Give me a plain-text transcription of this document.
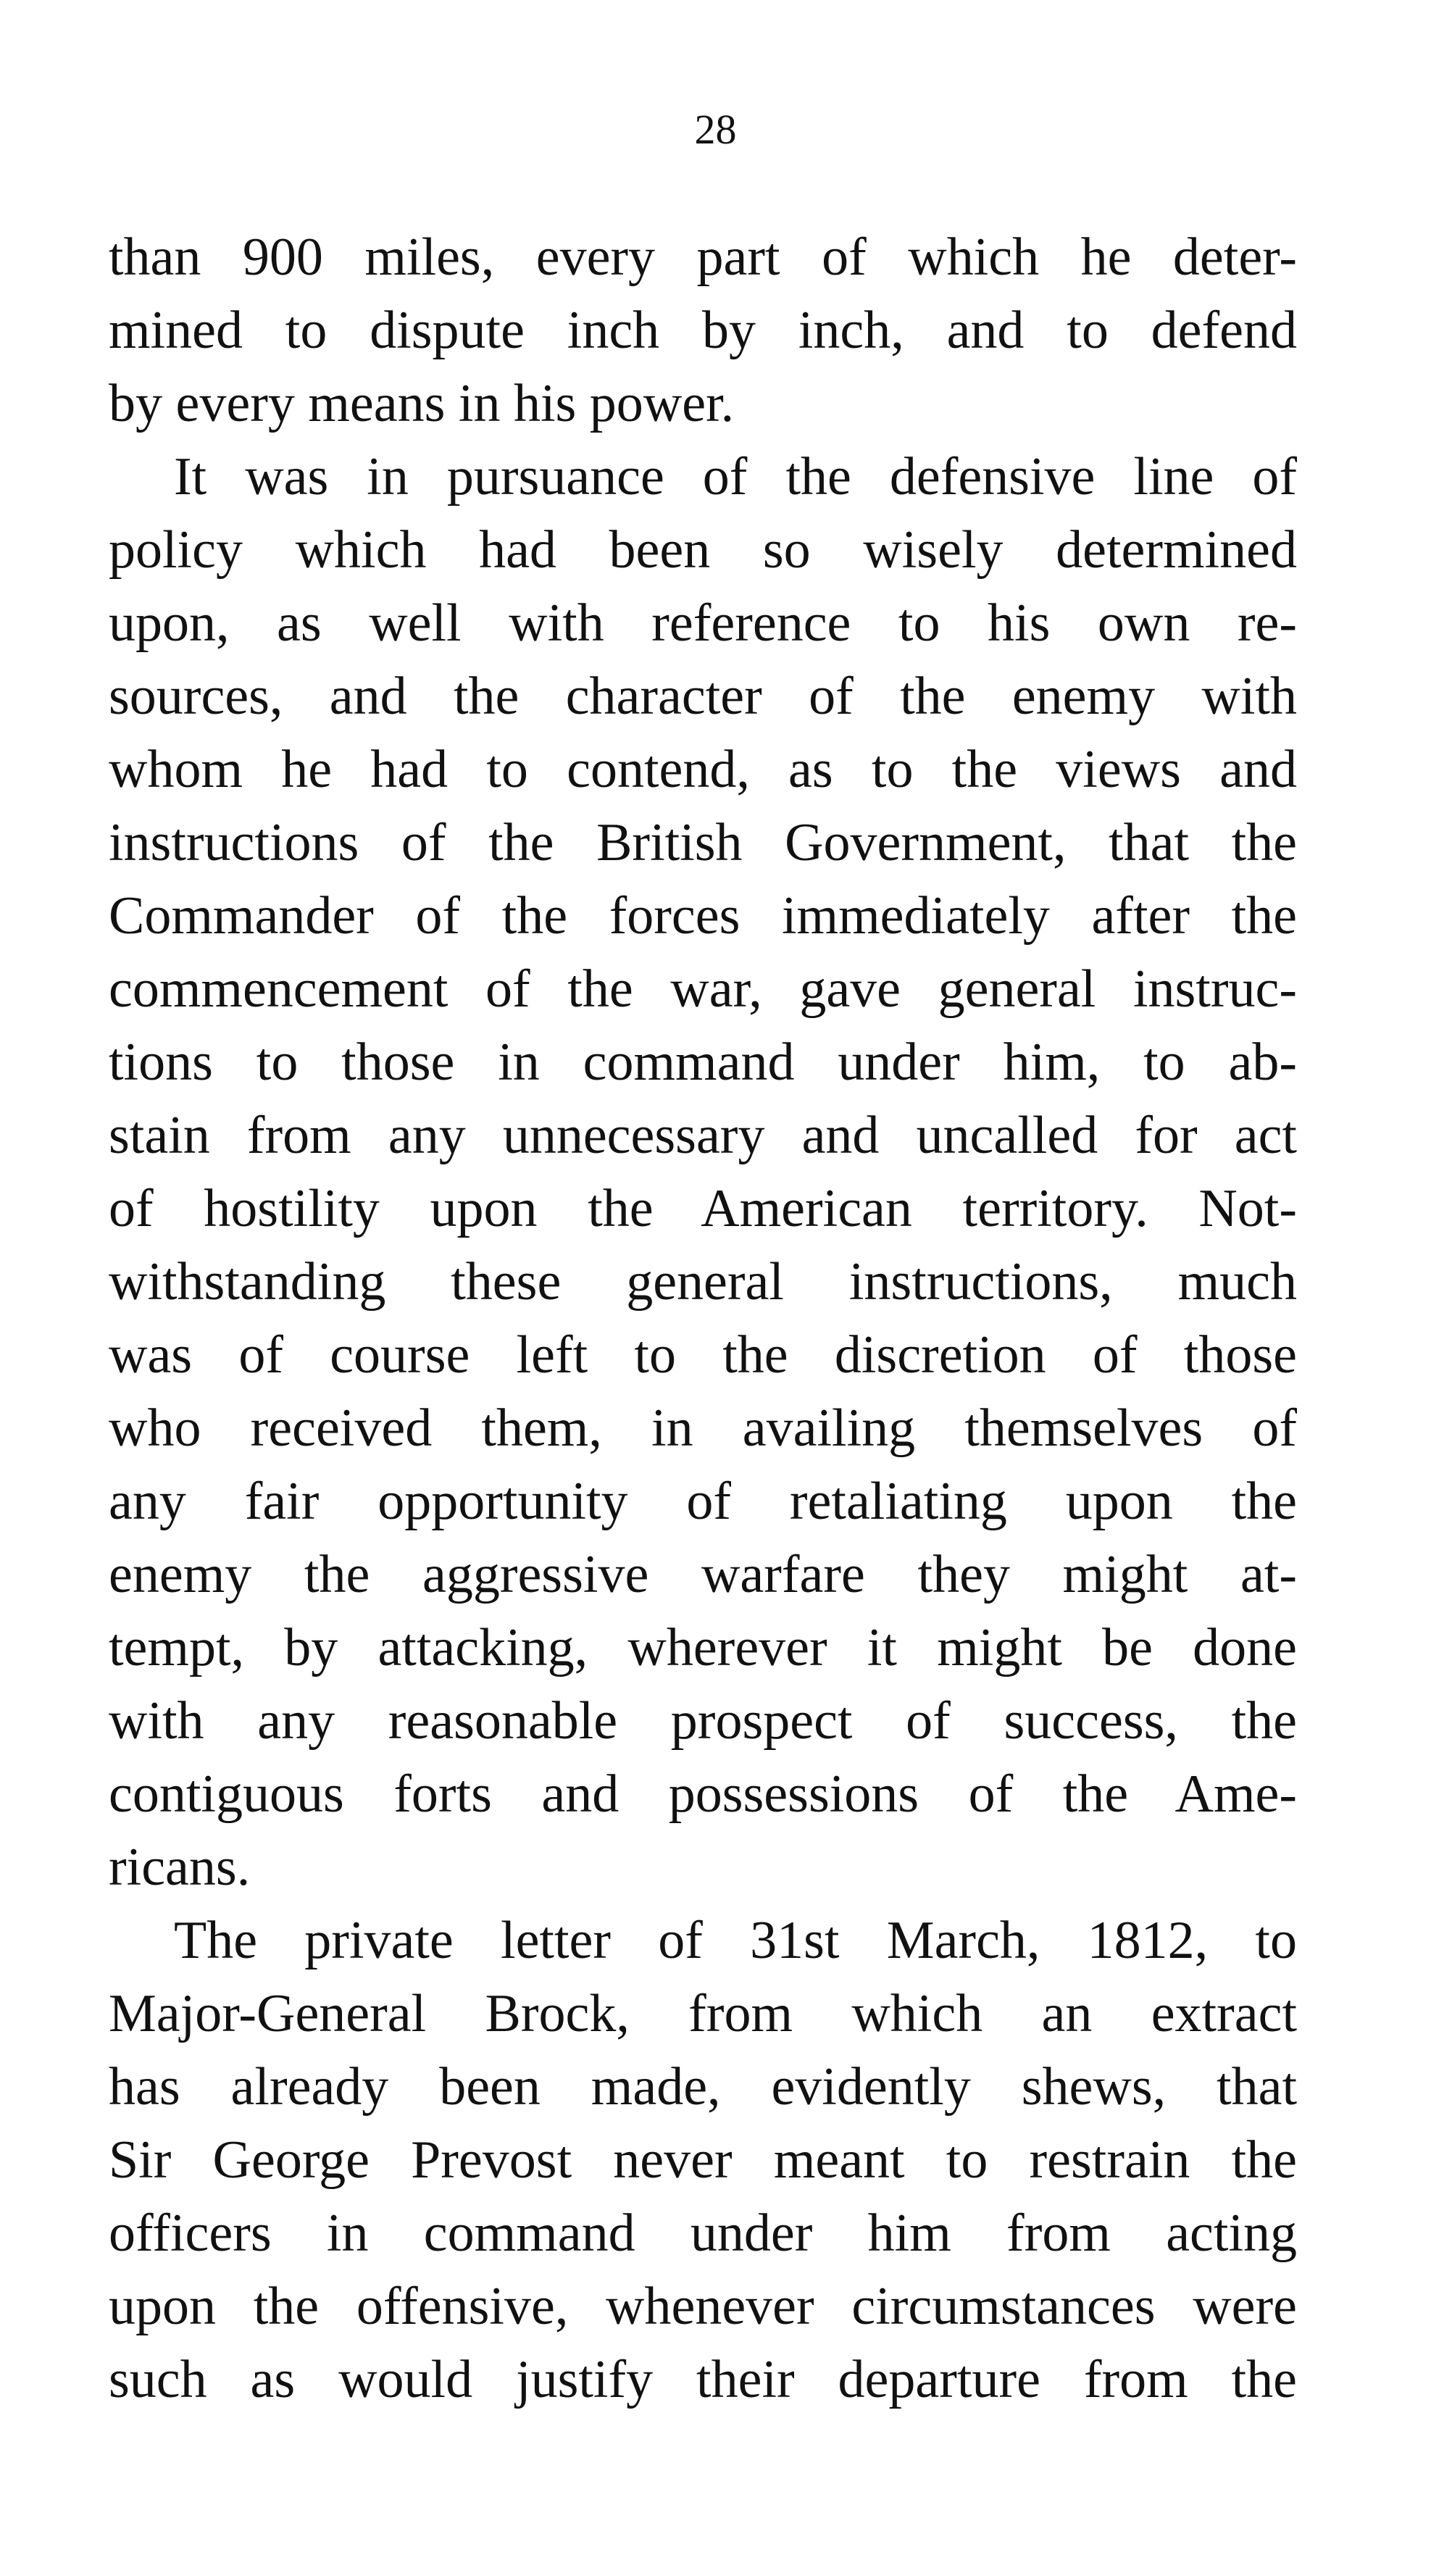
28
than 900 miles, every part of which he deter-
mined to dispute inch by inch, and to defend
by every means in his power.
It was in pursuance of the defensive line of
policy which had been so wisely determined
upon, as well with reference to his own re-
sources, and the character of the enemy with
whom he had to contend, as to the views and
instructions of the British Government, that the
Commander of the forces immediately after the
commencement of the war, gave general instruc-
tions to those in command under him, to ab-
stain from any unnecessary and uncalled for act
of hostility upon the American territory. Not-
withstanding these general instructions, much
was of course left to the discretion of those
who received them, in availing themselves of
any fair opportunity of retaliating upon the
enemy the aggressive warfare they might at-
tempt, by attacking, wherever it might be done
with any reasonable prospect of success, the
contiguous forts and possessions of the Ame-
ricans.
The private letter of 31st March, 1812, to
Major-General Brock, from which an extract
has already been made, evidently shews, that
Sir George Prevost never meant to restrain the
officers in command under him from acting
upon the offensive, whenever circumstances were
such as would justify their departure from the
